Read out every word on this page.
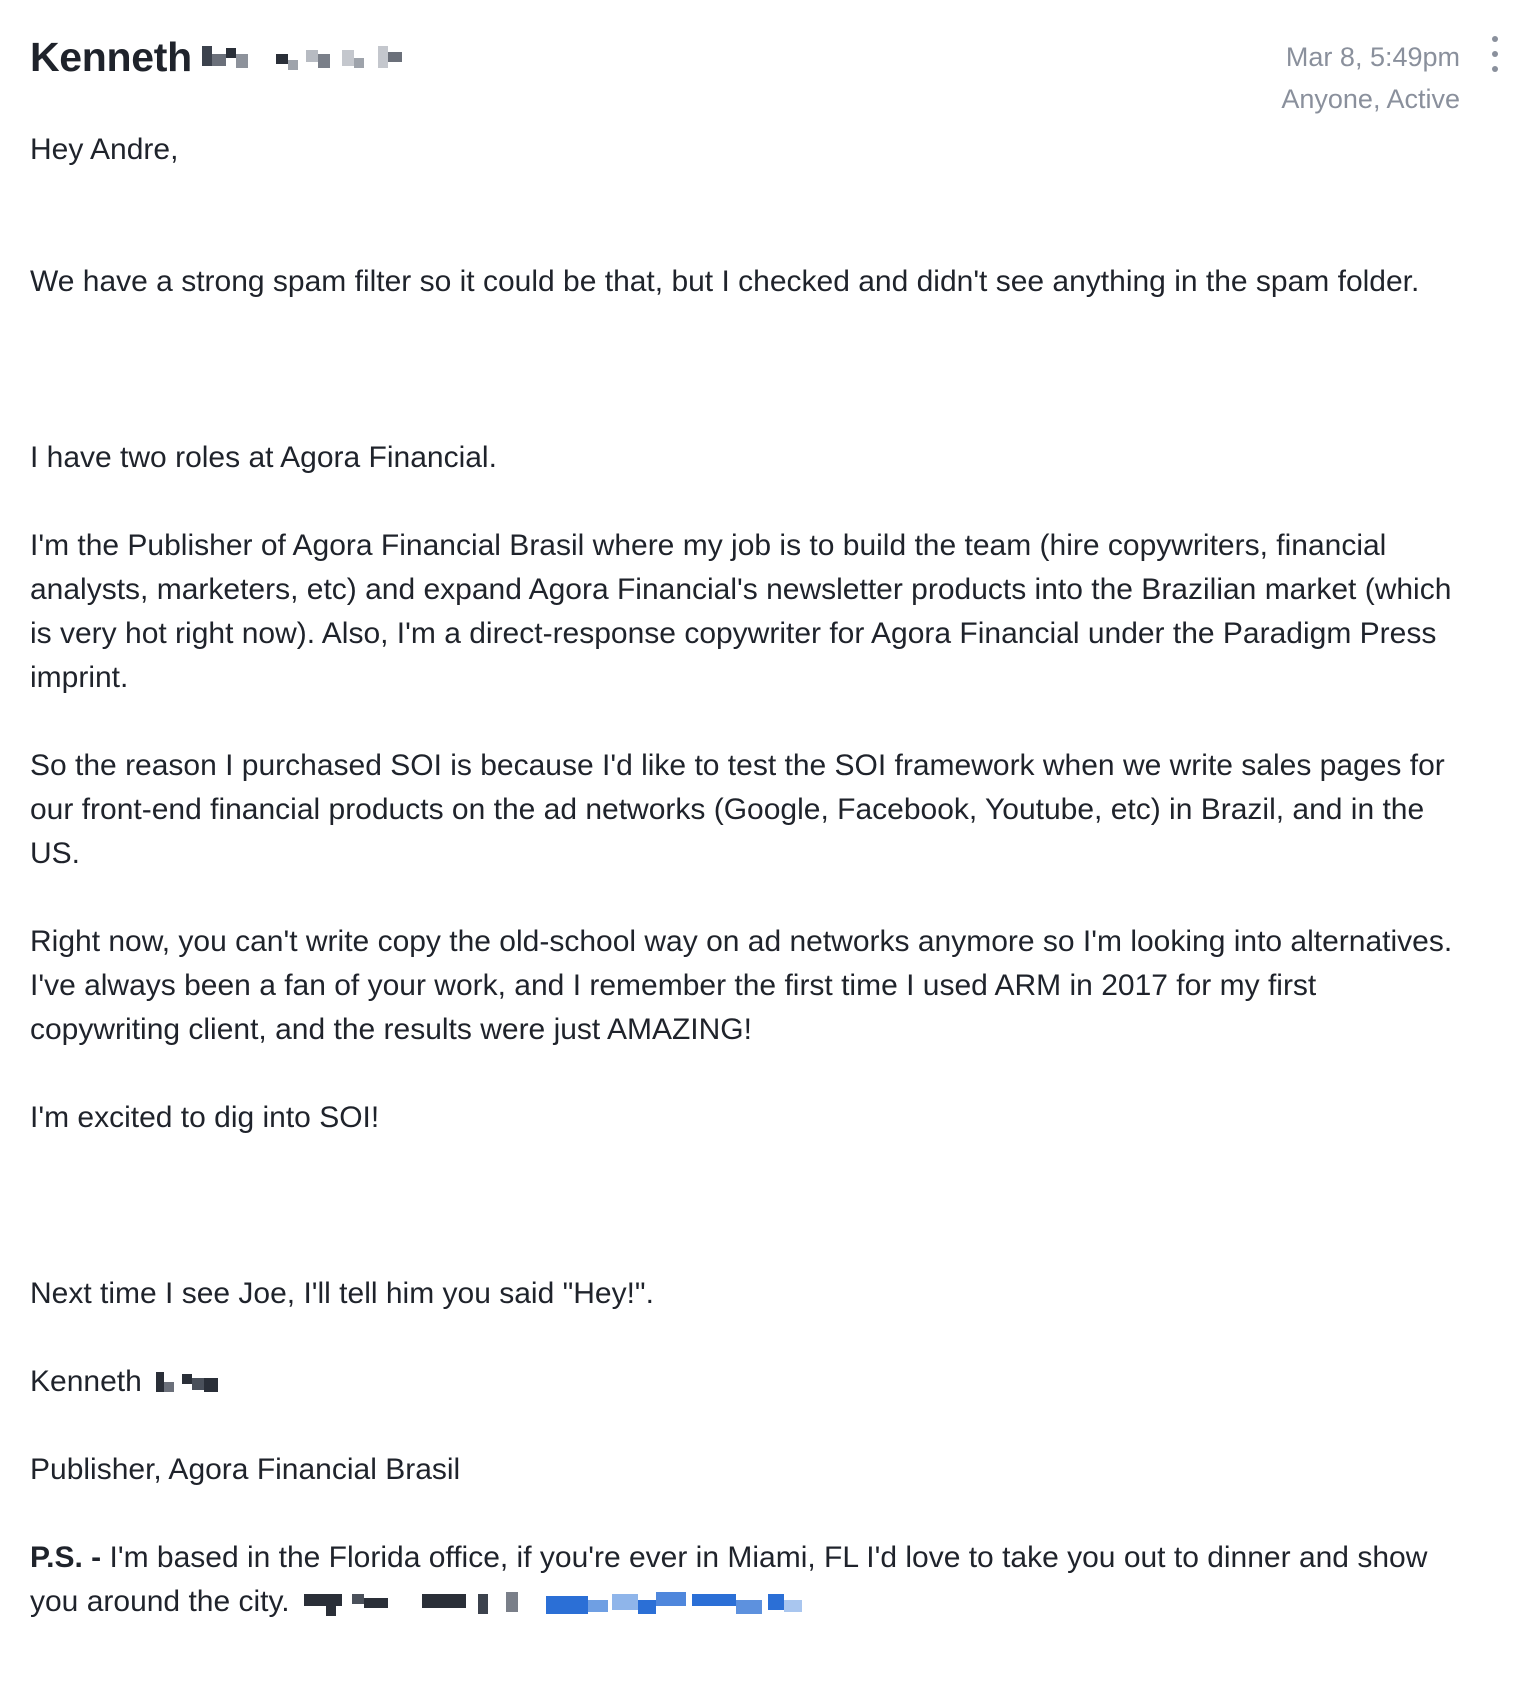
Kenneth	Mar 8, 5:49pm
Anyone, Active

Hey Andre,

We have a strong spam filter so it could be that, but I checked and didn't see anything in the spam folder.

I have two roles at Agora Financial.

I'm the Publisher of Agora Financial Brasil where my job is to build the team (hire copywriters, financial analysts, marketers, etc) and expand Agora Financial's newsletter products into the Brazilian market (which is very hot right now). Also, I'm a direct-response copywriter for Agora Financial under the Paradigm Press imprint.

So the reason I purchased SOI is because I'd like to test the SOI framework when we write sales pages for our front-end financial products on the ad networks (Google, Facebook, Youtube, etc) in Brazil, and in the US.

Right now, you can't write copy the old-school way on ad networks anymore so I'm looking into alternatives. I've always been a fan of your work, and I remember the first time I used ARM in 2017 for my first copywriting client, and the results were just AMAZING!

I'm excited to dig into SOI!

Next time I see Joe, I'll tell him you said "Hey!".

Kenneth

Publisher, Agora Financial Brasil

P.S. - I'm based in the Florida office, if you're ever in Miami, FL I'd love to take you out to dinner and show you around the city.
